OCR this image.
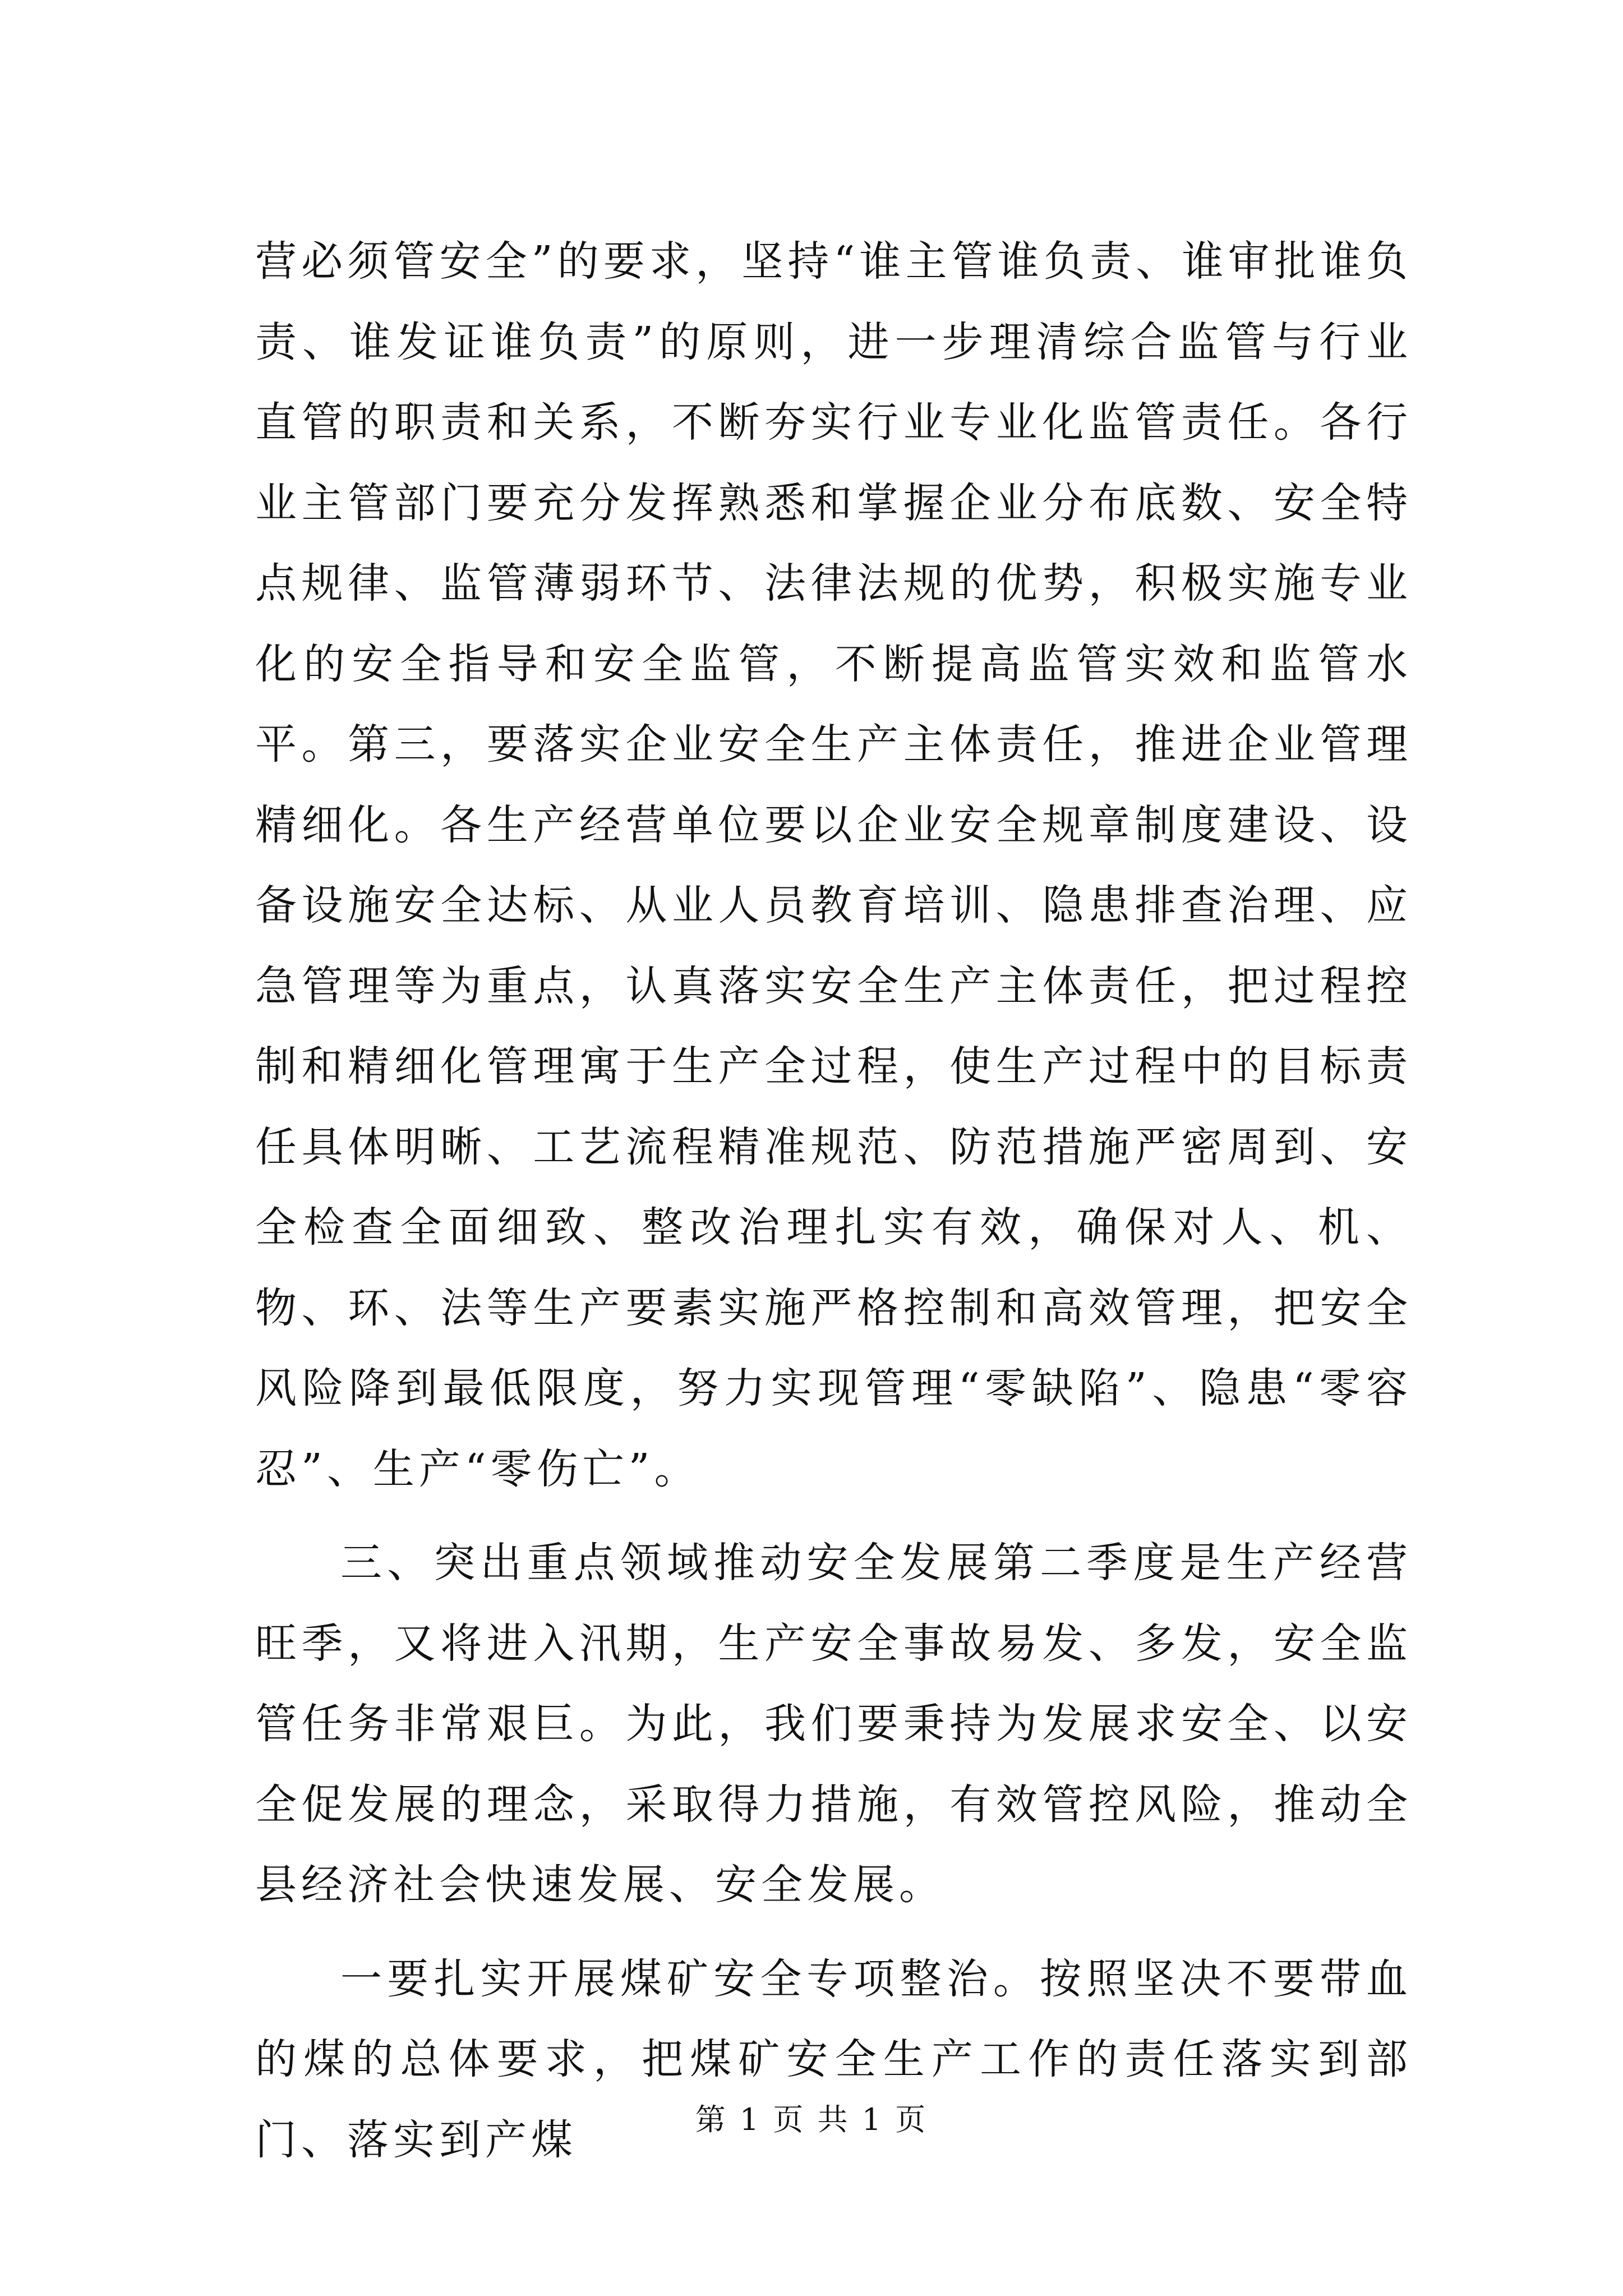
营必须管安全”的要求，坚持“谁主管谁负责、谁审批谁负责、谁发证谁负责”的原则，进一步理清综合监管与行业直管的职责和关系，不断夯实行业专业化监管责任。各行业主管部门要充分发挥熟悉和掌握企业分布底数、安全特点规律、监管薄弱环节、法律法规的优势，积极实施专业化的安全指导和安全监管，不断提高监管实效和监管水平。第三，要落实企业安全生产主体责任，推进企业管理精细化。各生产经营单位要以企业安全规章制度建设、设备设施安全达标、从业人员教育培训、隐患排查治理、应急管理等为重点，认真落实安全生产主体责任，把过程控制和精细化管理寓于生产全过程，使生产过程中的目标责任具体明晰、工艺流程精准规范、防范措施严密周到、安全检查全面细致、整改治理扎实有效，确保对人、机、物、环、法等生产要素实施严格控制和高效管理，把安全风险降到最低限度，努力实现管理“零缺陷”、隐患“零容忍”、生产“零伤亡”。

三、突出重点领域推动安全发展第二季度是生产经营旺季，又将进入汛期，生产安全事故易发、多发，安全监管任务非常艰巨。为此，我们要秉持为发展求安全、以安全促发展的理念，采取得力措施，有效管控风险，推动全县经济社会快速发展、安全发展。

一要扎实开展煤矿安全专项整治。按照坚决不要带血的煤的总体要求，把煤矿安全生产工作的责任落实到部门、落实到产煤	第 1 页 共 1 页
